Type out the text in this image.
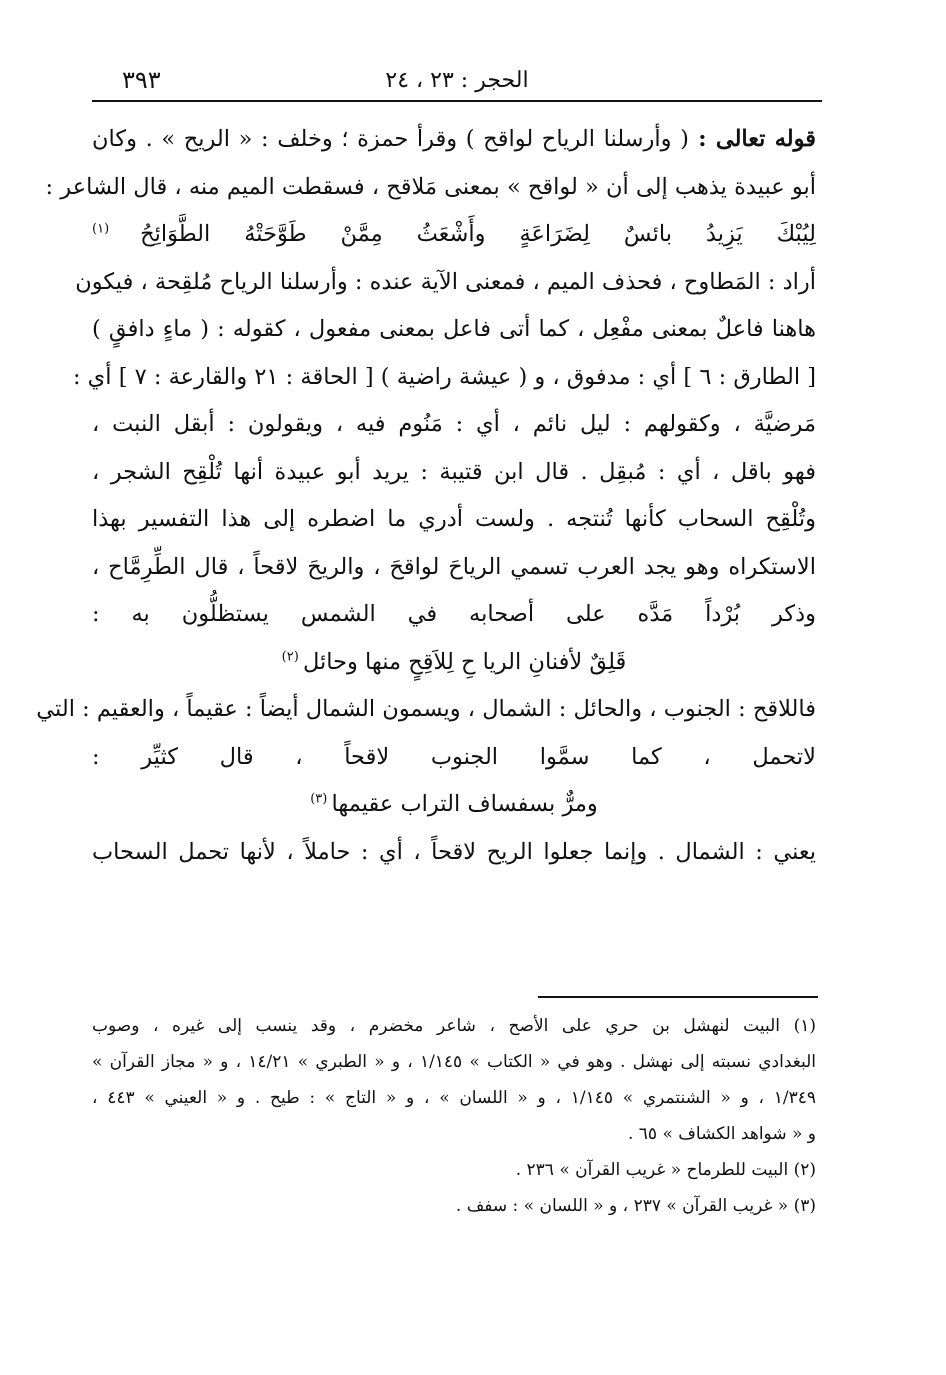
٣٩٣	الحجر : ٢٣ ، ٢٤
قوله تعالى : ( وأرسلنا الرياح لواقح ) وقرأ حمزة ؛ وخلف : « الريح » . وكان
أبو عبيدة يذهب إلى أن « لواقح » بمعنى مَلاقح ، فسقطت الميم منه ، قال الشاعر :
لِيُبْكَ يَزِيدُ بائسٌ لِضَرَاعَةٍ وأَشْعَثُ مِمَّنْ طَوَّحَتْهُ الطَّوَائِحُ $^{(١)}$
أراد : المَطاوح ، فحذف الميم ، فمعنى الآية عنده : وأرسلنا الرياح مُلقِحة ، فيكون
هاهنا فاعلٌ بمعنى مفْعِل ، كما أتى فاعل بمعنى مفعول ، كقوله : ( ماءٍ دافقٍ )
[ الطارق : ٦ ] أي : مدفوق ، و ( عيشة راضية ) [ الحاقة : ٢١ والقارعة : ٧ ] أي :
مَرضيَّة ، وكقولهم : ليل نائم ، أي : مَنُوم فيه ، ويقولون : أبقل النبت ،
فهو باقل ، أي : مُبقِل . قال ابن قتيبة : يريد أبو عبيدة أنها تُلْقِح الشجر ،
وتُلْقِح السحاب كأنها تُنتجه . ولست أدري ما اضطره إلى هذا التفسير بهذا
الاستكراه وهو يجد العرب تسمي الرياحَ لواقحَ ، والريحَ لاقحاً ، قال الطِّرِمَّاح ،
وذكر بُرْداً مَدَّه على أصحابه في الشمس يستظلُّون به :
قَلِقٌ لأفنانِ الريا حِ لِلاَقِحٍ منها وحائل $^{(٢)}$
فاللاقح : الجنوب ، والحائل : الشمال ، ويسمون الشمال أيضاً : عقيماً ، والعقيم : التي
لاتحمل ، كما سمَّوا الجنوب لاقحاً ، قال كثيِّر :
ومرٌّ بسفساف التراب عقيمها $^{(٣)}$
يعني : الشمال . وإنما جعلوا الريح لاقحاً ، أي : حاملاً ، لأنها تحمل السحاب
(١) البيت لنهشل بن حري على الأصح ، شاعر مخضرم ، وقد ينسب إلى غيره ، وصوب
البغدادي نسبته إلى نهشل . وهو في « الكتاب » ١/١٤٥ ، و « الطبري » ١٤/٢١ ، و « مجاز القرآن »
١/٣٤٩ ، و « الشنتمري » ١/١٤٥ ، و « اللسان » ، و « التاج » : طيح . و « العيني » ٤٤٣ ،
و « شواهد الكشاف » ٦٥ .
(٢) البيت للطرماح « غريب القرآن » ٢٣٦ .
(٣) « غريب القرآن » ٢٣٧ ، و « اللسان » : سفف .
